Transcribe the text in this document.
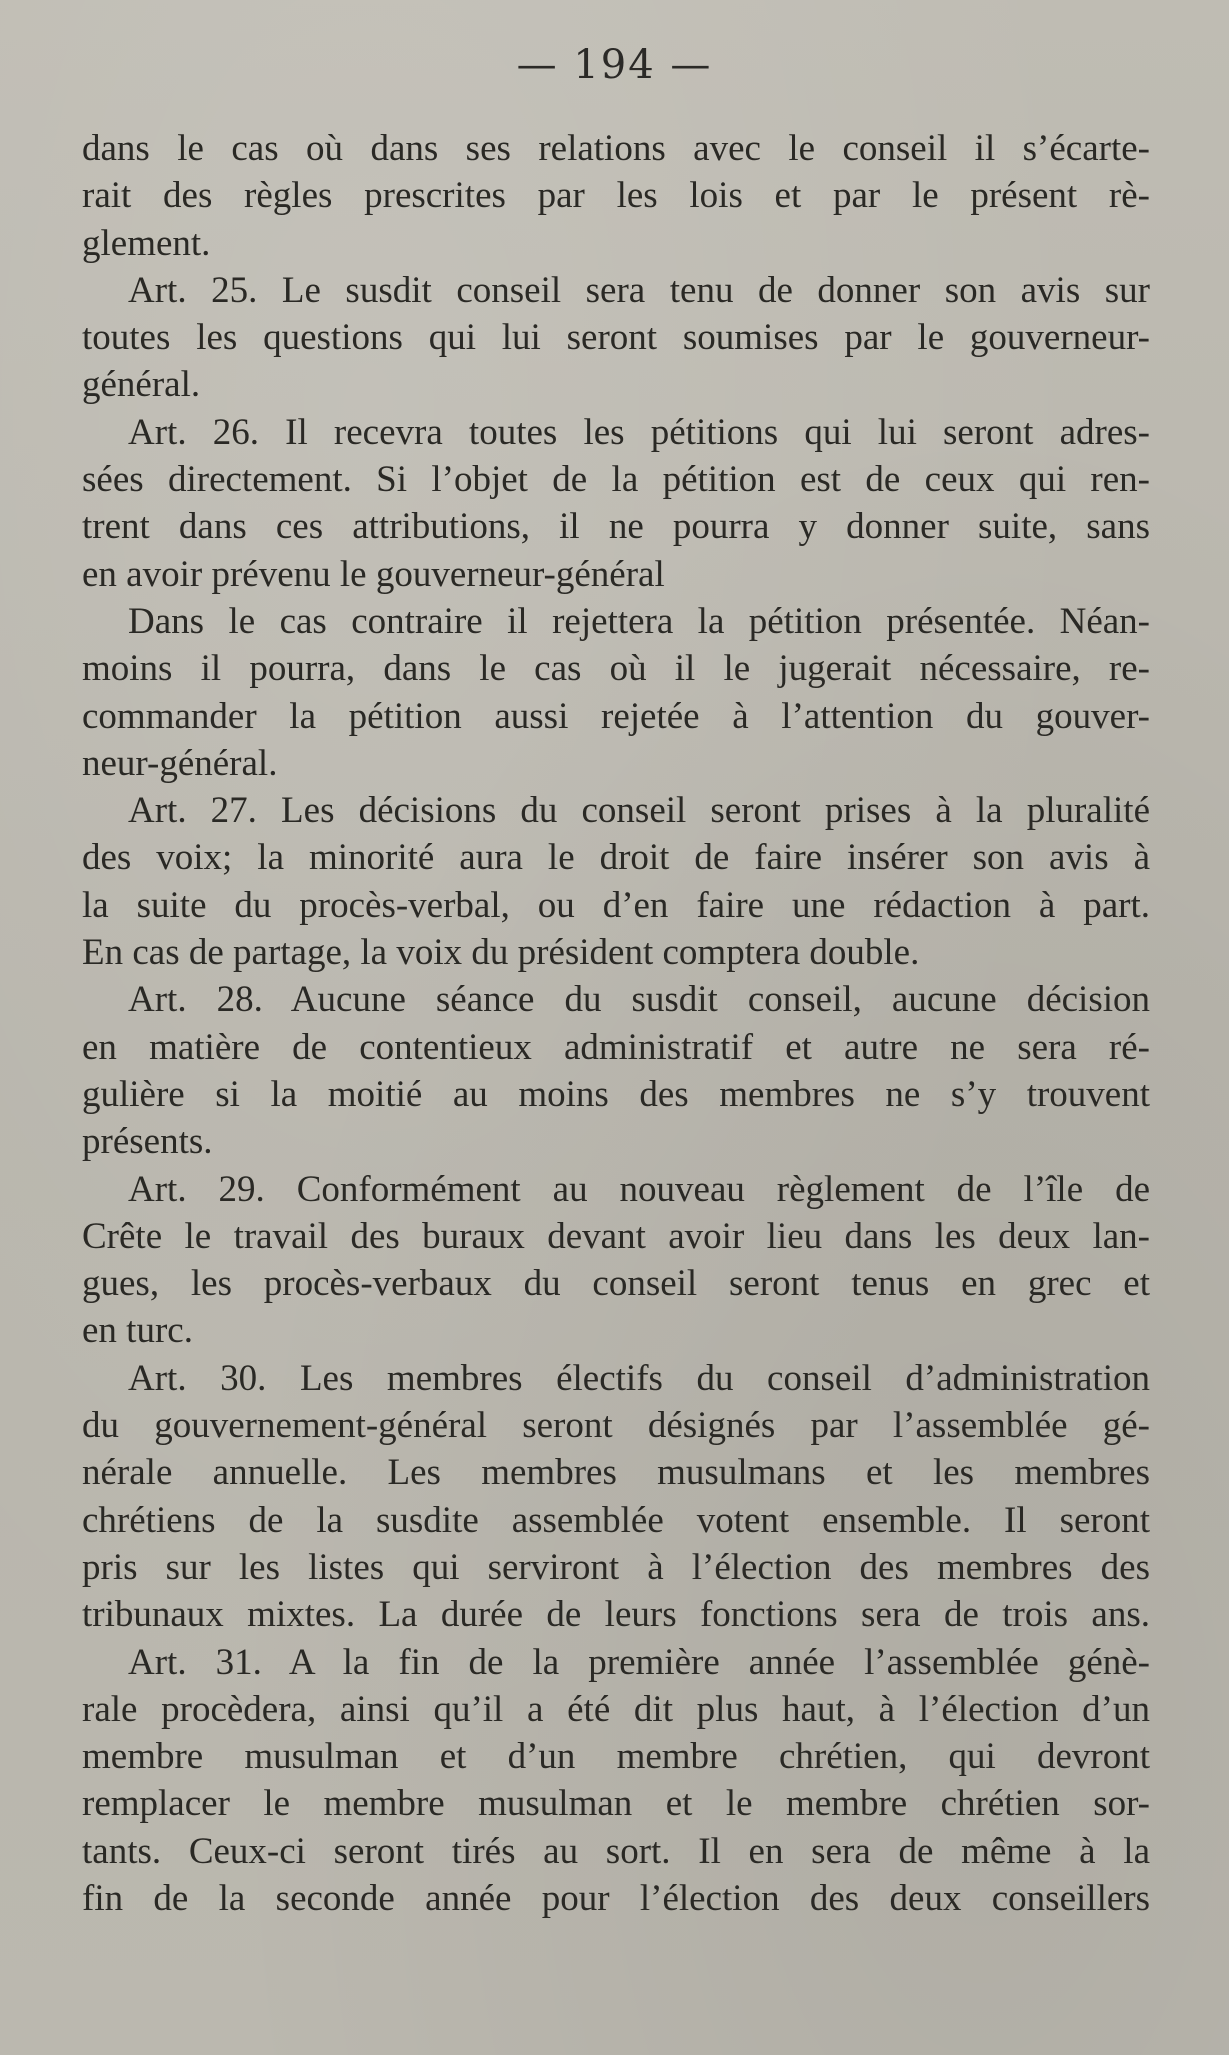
— 194 —
dans le cas où dans ses relations avec le conseil il s’écarte-
rait des règles prescrites par les lois et par le présent rè-
glement.
Art. 25. Le susdit conseil sera tenu de donner son avis sur
toutes les questions qui lui seront soumises par le gouverneur-
général.
Art. 26. Il recevra toutes les pétitions qui lui seront adres-
sées directement. Si l’objet de la pétition est de ceux qui ren-
trent dans ces attributions, il ne pourra y donner suite, sans
en avoir prévenu le gouverneur-général
Dans le cas contraire il rejettera la pétition présentée. Néan-
moins il pourra, dans le cas où il le jugerait nécessaire, re-
commander la pétition aussi rejetée à l’attention du gouver-
neur-général.
Art. 27. Les décisions du conseil seront prises à la pluralité
des voix; la minorité aura le droit de faire insérer son avis à
la suite du procès-verbal, ou d’en faire une rédaction à part.
En cas de partage, la voix du président comptera double.
Art. 28. Aucune séance du susdit conseil, aucune décision
en matière de contentieux administratif et autre ne sera ré-
gulière si la moitié au moins des membres ne s’y trouvent
présents.
Art. 29. Conformément au nouveau règlement de l’île de
Crête le travail des buraux devant avoir lieu dans les deux lan-
gues, les procès-verbaux du conseil seront tenus en grec et
en turc.
Art. 30. Les membres électifs du conseil d’administration
du gouvernement-général seront désignés par l’assemblée gé-
nérale annuelle. Les membres musulmans et les membres
chrétiens de la susdite assemblée votent ensemble. Il seront
pris sur les listes qui serviront à l’élection des membres des
tribunaux mixtes. La durée de leurs fonctions sera de trois ans.
Art. 31. A la fin de la première année l’assemblée génè-
rale procèdera, ainsi qu’il a été dit plus haut, à l’élection d’un
membre musulman et d’un membre chrétien, qui devront
remplacer le membre musulman et le membre chrétien sor-
tants. Ceux-ci seront tirés au sort. Il en sera de même à la
fin de la seconde année pour l’élection des deux conseillers
